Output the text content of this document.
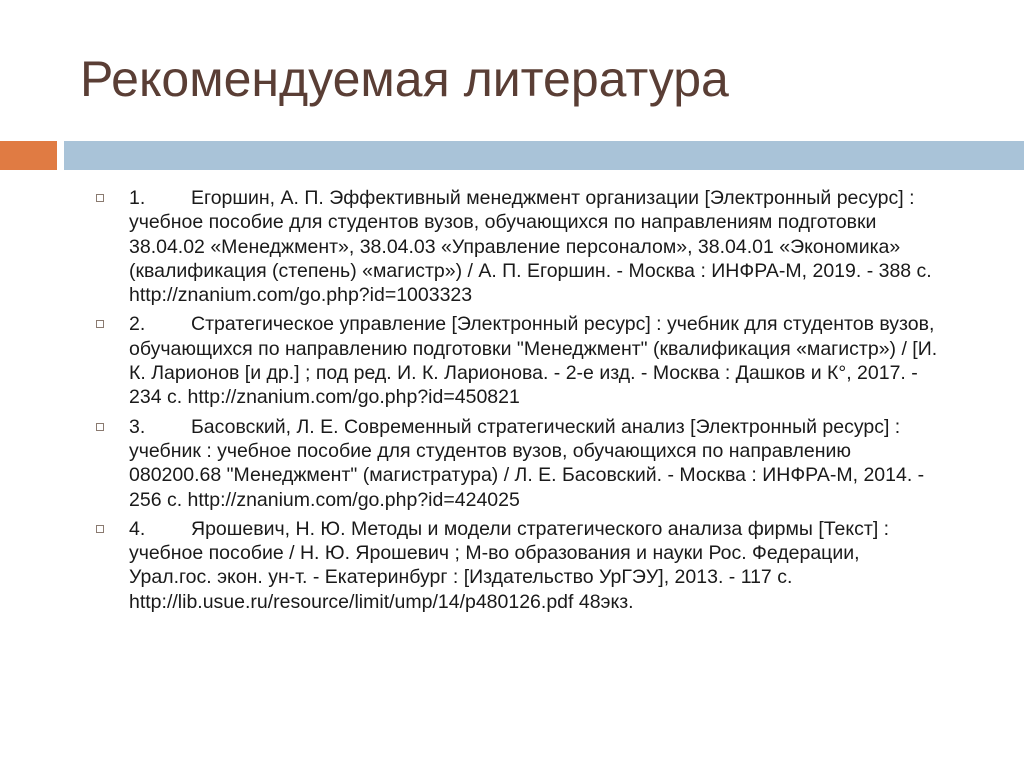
Рекомендуемая литература
1. Егоршин, А. П. Эффективный менеджмент организации [Электронный ресурс] : учебное пособие для студентов вузов, обучающихся по направлениям подготовки 38.04.02 «Менеджмент», 38.04.03 «Управление персоналом», 38.04.01 «Экономика» (квалификация (степень) «магистр») / А. П. Егоршин. - Москва : ИНФРА-М, 2019. - 388 с. http://znanium.com/go.php?id=1003323
2. Стратегическое управление [Электронный ресурс] : учебник для студентов вузов, обучающихся по направлению подготовки "Менеджмент" (квалификация «магистр») / [И. К. Ларионов [и др.] ; под ред. И. К. Ларионова. - 2-е изд. - Москва : Дашков и К°, 2017. - 234 с. http://znanium.com/go.php?id=450821
3. Басовский, Л. Е. Современный стратегический анализ [Электронный ресурс] : учебник : учебное пособие для студентов вузов, обучающихся по направлению 080200.68 "Менеджмент" (магистратура) / Л. Е. Басовский. - Москва : ИНФРА-М, 2014. - 256 с. http://znanium.com/go.php?id=424025
4. Ярошевич, Н. Ю. Методы и модели стратегического анализа фирмы [Текст] : учебное пособие / Н. Ю. Ярошевич ; М-во образования и науки Рос. Федерации, Урал.гос. экон. ун-т. - Екатеринбург : [Издательство УрГЭУ], 2013. - 117 с. http://lib.usue.ru/resource/limit/ump/14/p480126.pdf 48экз.
